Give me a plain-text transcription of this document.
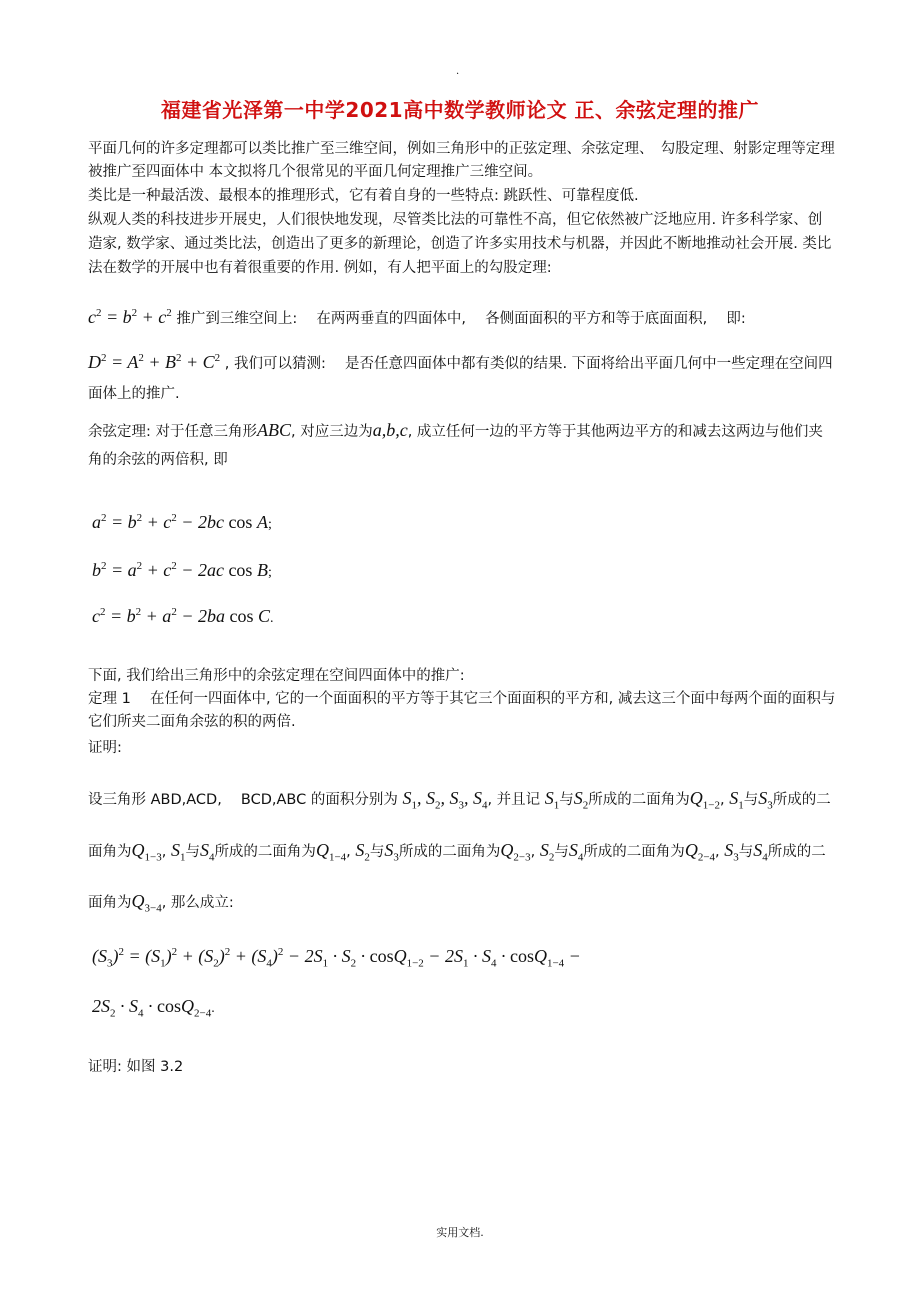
.
福建省光泽第一中学2021高中数学教师论文 正、余弦定理的推广
平面几何的许多定理都可以类比推广至三维空间，例如三角形中的正弦定理、余弦定理、　勾股定理、射影定理等定理被推广至四面体中 本文拟将几个很常见的平面几何定理推广三维空间。
类比是一种最活泼、最根本的推理形式，它有着自身的一些特点: 跳跃性、可靠程度低.
纵观人类的科技进步开展史，人们很快地发现，尽管类比法的可靠性不高，但它依然被广泛地应用. 许多科学家、创造家, 数学家、通过类比法，创造出了更多的新理论，创造了许多实用技术与机器，并因此不断地推动社会开展. 类比法在数学的开展中也有着很重要的作用. 例如，有人把平面上的勾股定理:
$c^2 = b^2 + c^2$ 推广到三维空间上:　 在两两垂直的四面体中,　 各侧面面积的平方和等于底面面积,　 即:
$D^2 = A^2 + B^2 + C^2$ , 我们可以猜测:　 是否任意四面体中都有类似的结果. 下面将给出平面几何中一些定理在空间四面体上的推广.
余弦定理: 对于任意三角形ABC, 对应三边为a,b,c, 成立任何一边的平方等于其他两边平方的和减去这两边与他们夹角的余弦的两倍积, 即
$a^2 = b^2 + c^2 - 2bc$ cos A;
$b^2 = a^2 + c^2 - 2ac$ cos B;
$c^2 = b^2 + a^2 - 2ba$ cos C.
下面, 我们给出三角形中的余弦定理在空间四面体中的推广:
定理 1　 在任何一四面体中, 它的一个面面积的平方等于其它三个面面积的平方和, 减去这三个面中每两个面的面积与它们所夹二面角余弦的积的两倍.
证明:
设三角形 ABD,ACD,　 BCD,ABC 的面积分别为 $S_1$, $S_2$, $S_3$, $S_4$, 并且记 $S_1$与$S_2$所成的二面角为$Q_{1-2}$, $S_1$与$S_3$所成的二面角为$Q_{1-3}$, $S_1$与$S_4$所成的二面角为$Q_{1-4}$, $S_2$与$S_3$所成的二面角为$Q_{2-3}$, $S_2$与$S_4$所成的二面角为$Q_{2-4}$, $S_3$与$S_4$所成的二面角为$Q_{3-4}$, 那么成立:
$(S_3)^2 = (S_1)^2 + (S_2)^2 + (S_4)^2 - 2S_1 \cdot S_2 \cdot \cos Q_{1-2} - 2S_1 \cdot S_4 \cdot \cos Q_{1-4}$ −
$2S_2 \cdot S_4 \cdot \cos Q_{2-4}$.
证明: 如图 3.2
实用文档.
